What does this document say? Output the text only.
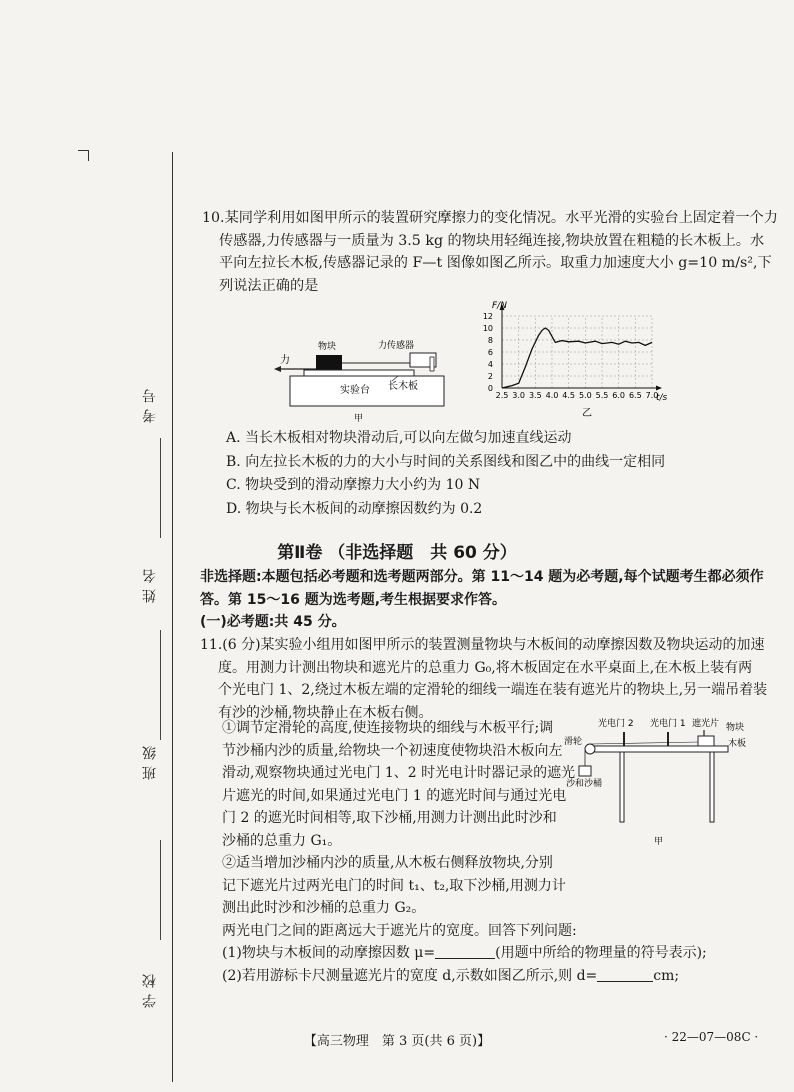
考号
姓名
班级
学校
10.某同学利用如图甲所示的装置研究摩擦力的变化情况。水平光滑的实验台上固定着一个力
传感器,力传感器与一质量为 3.5 kg 的物块用轻绳连接,物块放置在粗糙的长木板上。水
平向左拉长木板,传感器记录的 F—t 图像如图乙所示。取重力加速度大小 g=10 m/s²,下
列说法正确的是
力
物块	力传感器
实验台 长木板
甲
0
2
4
6
8
10
12
2.5 3.0 3.5 4.0 4.5 5.0 5.5 6.0 6.5 7.0
F/N
t/s
乙
A. 当长木板相对物块滑动后,可以向左做匀加速直线运动
B. 向左拉长木板的力的大小与时间的关系图线和图乙中的曲线一定相同
C. 物块受到的滑动摩擦力大小约为 10 N
D. 物块与长木板间的动摩擦因数约为 0.2
第Ⅱ卷 （非选择题　共 60 分）
非选择题:本题包括必考题和选考题两部分。第 11～14 题为必考题,每个试题考生都必须作
答。第 15～16 题为选考题,考生根据要求作答。
(一)必考题:共 45 分。
11.(6 分)某实验小组用如图甲所示的装置测量物块与木板间的动摩擦因数及物块运动的加速
度。用测力计测出物块和遮光片的总重力 G₀,将木板固定在水平桌面上,在木板上装有两
个光电门 1、2,绕过木板左端的定滑轮的细线一端连在装有遮光片的物块上,另一端吊着装
有沙的沙桶,物块静止在木板右侧。
①调节定滑轮的高度,使连接物块的细线与木板平行;调
节沙桶内沙的质量,给物块一个初速度使物块沿木板向左
滑动,观察物块通过光电门 1、2 时光电计时器记录的遮光
片遮光的时间,如果通过光电门 1 的遮光时间与通过光电
门 2 的遮光时间相等,取下沙桶,用测力计测出此时沙和
沙桶的总重力 G₁。
②适当增加沙桶内沙的质量,从木板右侧释放物块,分别
记下遮光片过两光电门的时间 t₁、t₂,取下沙桶,用测力计
测出此时沙和沙桶的总重力 G₂。
两光电门之间的距离远大于遮光片的宽度。回答下列问题:
(1)物块与木板间的动摩擦因数 μ=	(用题中所给的物理量的符号表示);
(2)若用游标卡尺测量遮光片的宽度 d,示数如图乙所示,则 d=	cm;
光电门 2 光电门 1 遮光片 物块
木板
滑轮
沙和沙桶
甲
【高三物理　第 3 页(共 6 页)】	· 22—07—08C ·
